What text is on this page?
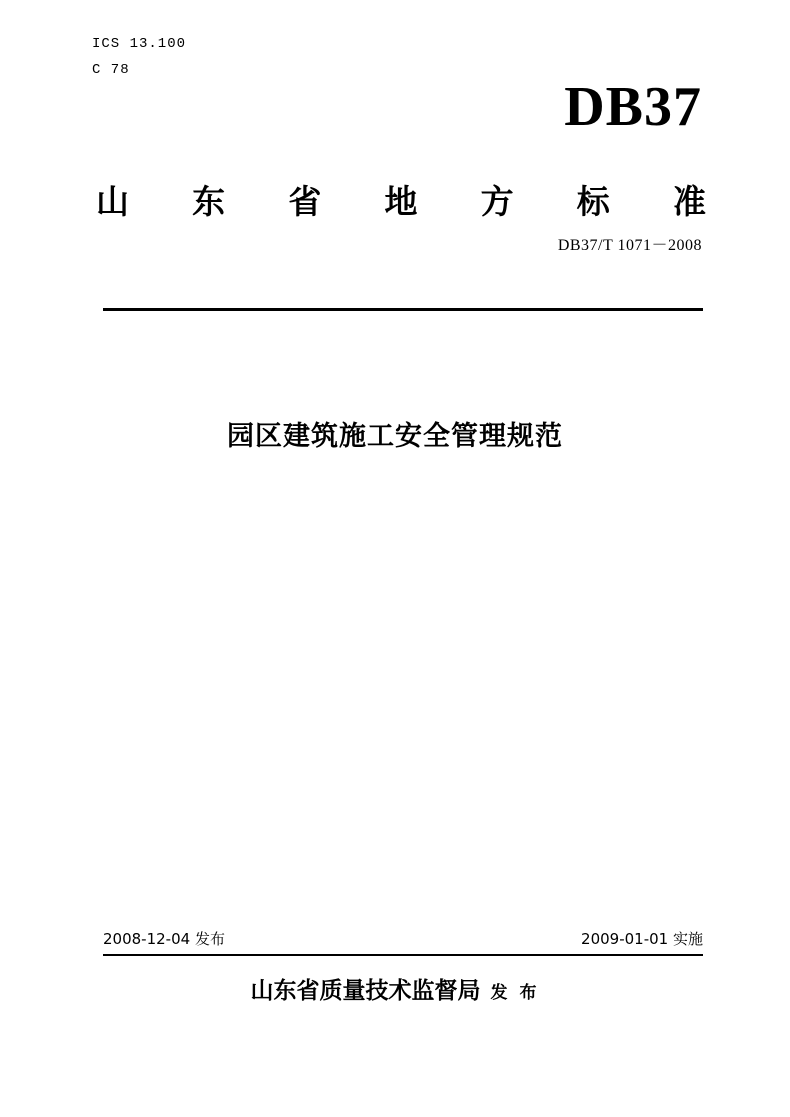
ICS 13.100
C 78
DB37
山 东 省 地 方 标 准
DB37/T 1071－2008
园区建筑施工安全管理规范
2008-12-04 发布	2009-01-01 实施
山东省质量技术监督局 发 布
